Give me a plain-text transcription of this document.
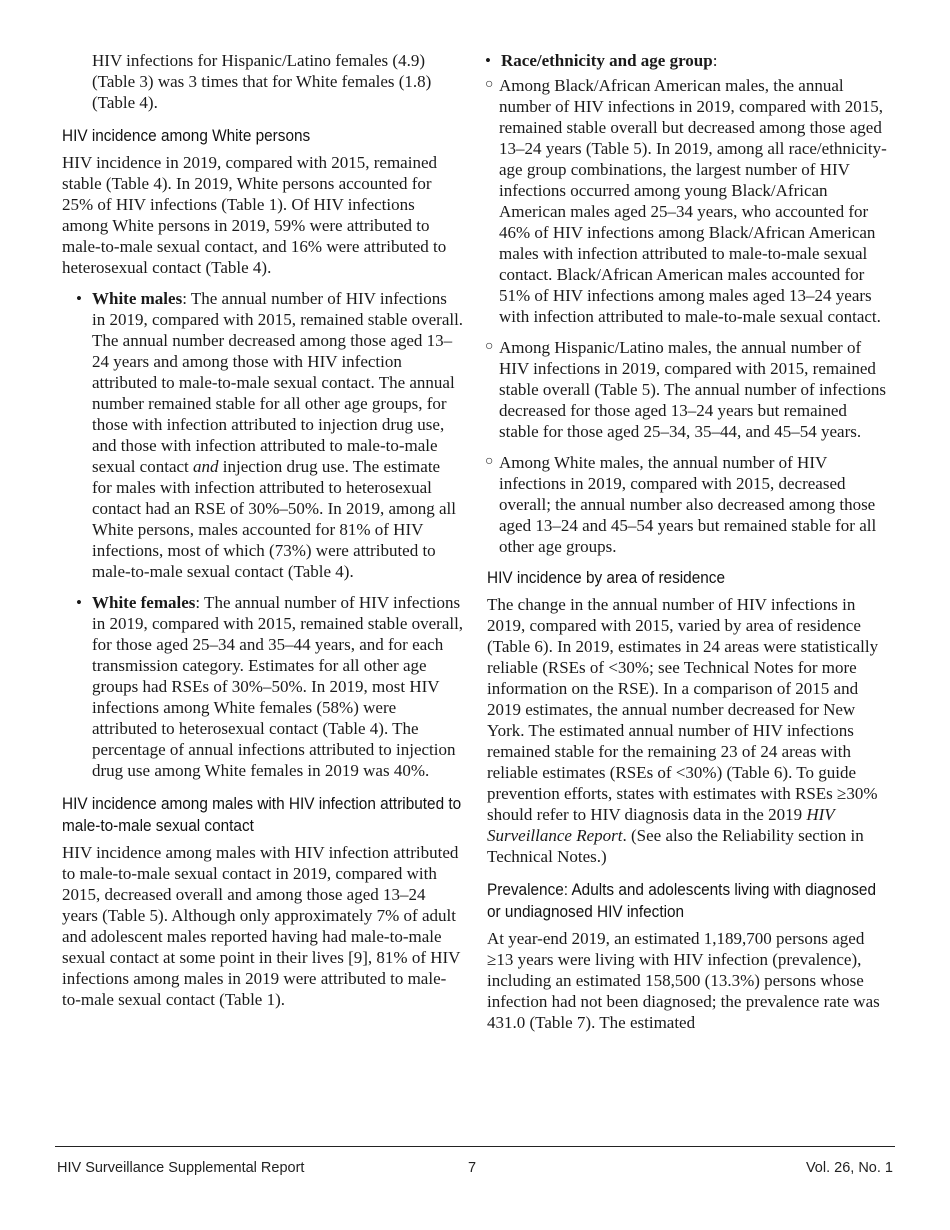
HIV infections for Hispanic/Latino females (4.9) (Table 3) was 3 times that for White females (1.8) (Table 4).

HIV incidence among White persons

HIV incidence in 2019, compared with 2015, remained stable (Table 4). In 2019, White persons accounted for 25% of HIV infections (Table 1). Of HIV infections among White persons in 2019, 59% were attributed to male-to-male sexual contact, and 16% were attributed to heterosexual contact (Table 4).

• White males: The annual number of HIV infections in 2019, compared with 2015, remained stable overall. The annual number decreased among those aged 13–24 years and among those with HIV infection attributed to male-to-male sexual contact. The annual number remained stable for all other age groups, for those with infection attributed to injection drug use, and those with infection attributed to male-to-male sexual contact and injection drug use. The estimate for males with infection attributed to heterosexual contact had an RSE of 30%–50%. In 2019, among all White persons, males accounted for 81% of HIV infections, most of which (73%) were attributed to male-to-male sexual contact (Table 4).
• White females: The annual number of HIV infections in 2019, compared with 2015, remained stable overall, for those aged 25–34 and 35–44 years, and for each transmission category. Estimates for all other age groups had RSEs of 30%–50%. In 2019, most HIV infections among White females (58%) were attributed to heterosexual contact (Table 4). The percentage of annual infections attributed to injection drug use among White females in 2019 was 40%.
HIV incidence among males with HIV infection attributed to male-to-male sexual contact

HIV incidence among males with HIV infection attributed to male-to-male sexual contact in 2019, compared with 2015, decreased overall and among those aged 13–24 years (Table 5). Although only approximately 7% of adult and adolescent males reported having had male-to-male sexual contact at some point in their lives [9], 81% of HIV infections among males in 2019 were attributed to male-to-male sexual contact (Table 1).

• Race/ethnicity and age group:
○ Among Black/African American males, the annual number of HIV infections in 2019, compared with 2015, remained stable overall but decreased among those aged 13–24 years (Table 5). In 2019, among all race/ethnicity-age group combinations, the largest number of HIV infections occurred among young Black/African American males aged 25–34 years, who accounted for 46% of HIV infections among Black/African American males with infection attributed to male-to-male sexual contact. Black/African American males accounted for 51% of HIV infections among males aged 13–24 years with infection attributed to male-to-male sexual contact.
○ Among Hispanic/Latino males, the annual number of HIV infections in 2019, compared with 2015, remained stable overall (Table 5). The annual number of infections decreased for those aged 13–24 years but remained stable for those aged 25–34, 35–44, and 45–54 years.
○ Among White males, the annual number of HIV infections in 2019, compared with 2015, decreased overall; the annual number also decreased among those aged 13–24 and 45–54 years but remained stable for all other age groups.
HIV incidence by area of residence

The change in the annual number of HIV infections in 2019, compared with 2015, varied by area of residence (Table 6). In 2019, estimates in 24 areas were statistically reliable (RSEs of <30%; see Technical Notes for more information on the RSE). In a comparison of 2015 and 2019 estimates, the annual number decreased for New York. The estimated annual number of HIV infections remained stable for the remaining 23 of 24 areas with reliable estimates (RSEs of <30%) (Table 6). To guide prevention efforts, states with estimates with RSEs ≥30% should refer to HIV diagnosis data in the 2019 HIV Surveillance Report. (See also the Reliability section in Technical Notes.)

Prevalence: Adults and adolescents living with diagnosed or undiagnosed HIV infection

At year-end 2019, an estimated 1,189,700 persons aged ≥13 years were living with HIV infection (prevalence), including an estimated 158,500 (13.3%) persons whose infection had not been diagnosed; the prevalence rate was 431.0 (Table 7). The estimated

HIV Surveillance Supplemental Report	7	Vol. 26, No. 1
